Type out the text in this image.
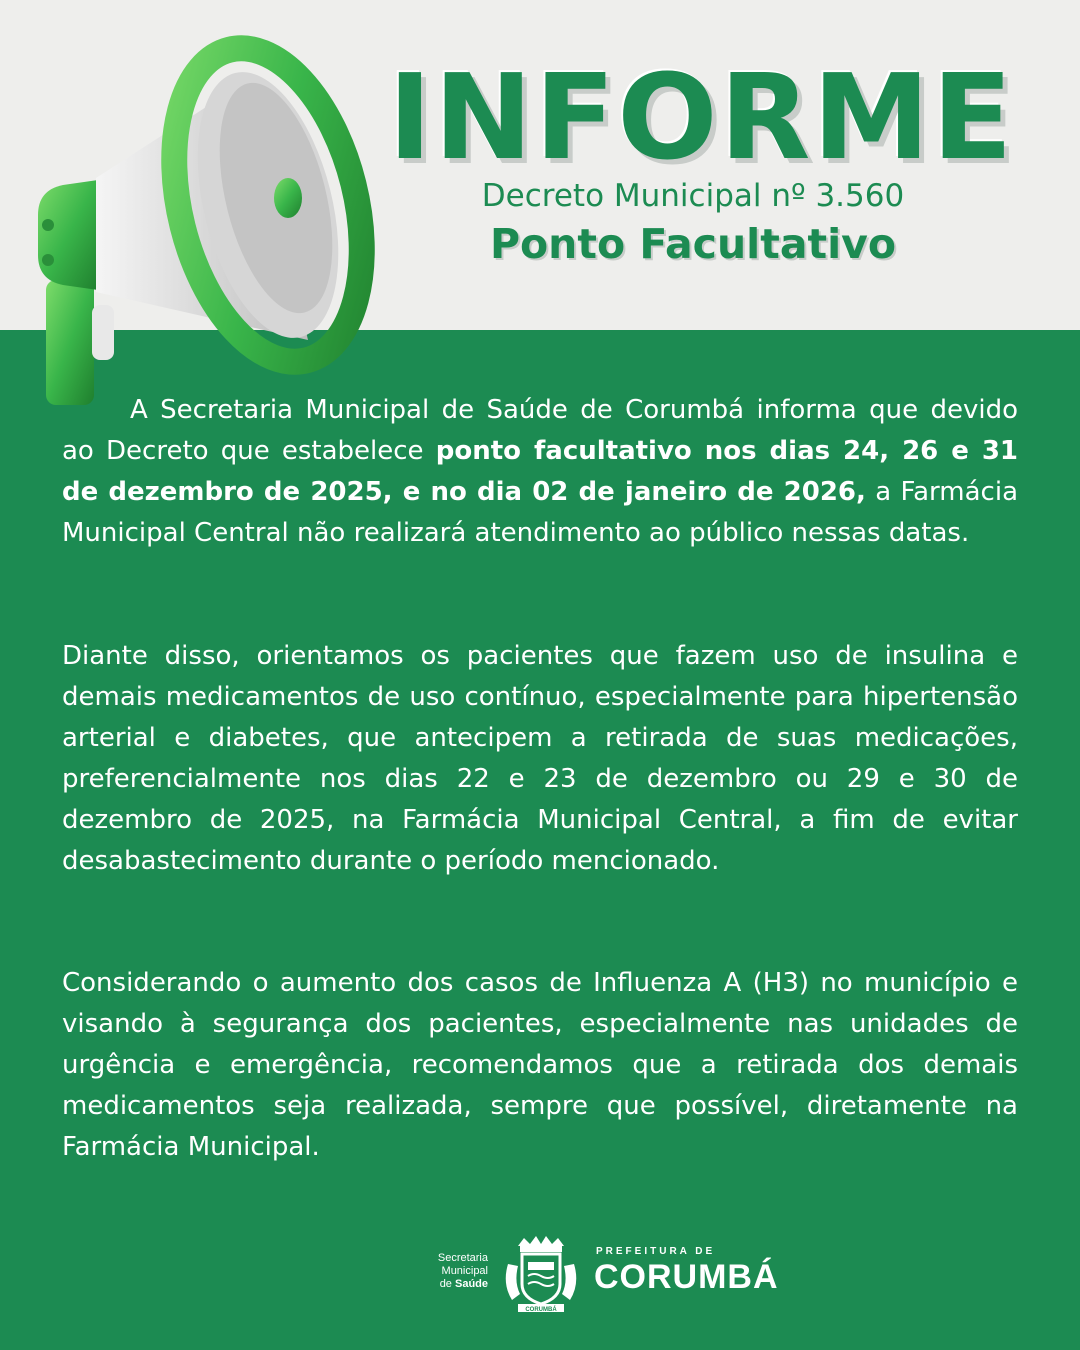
INFORME
Decreto Municipal nº 3.560
Ponto Facultativo
A Secretaria Municipal de Saúde de Corumbá informa que devido ao Decreto que estabelece ponto facultativo nos dias 24, 26 e 31 de dezembro de 2025, e no dia 02 de janeiro de 2026, a Farmácia Municipal Central não realizará atendimento ao público nessas datas.
Diante disso, orientamos os pacientes que fazem uso de insulina e demais medicamentos de uso contínuo, especialmente para hipertensão arterial e diabetes, que antecipem a retirada de suas medicações, preferencialmente nos dias 22 e 23 de dezembro ou 29 e 30 de dezembro de 2025, na Farmácia Municipal Central, a fim de evitar desabastecimento durante o período mencionado.
Considerando o aumento dos casos de Influenza A (H3) no município e visando à segurança dos pacientes, especialmente nas unidades de urgência e emergência, recomendamos que a retirada dos demais medicamentos seja realizada, sempre que possível, diretamente na Farmácia Municipal.
Secretaria
Municipal
de Saúde
CORUMBÁ
PREFEITURA DE
CORUMBÁ
